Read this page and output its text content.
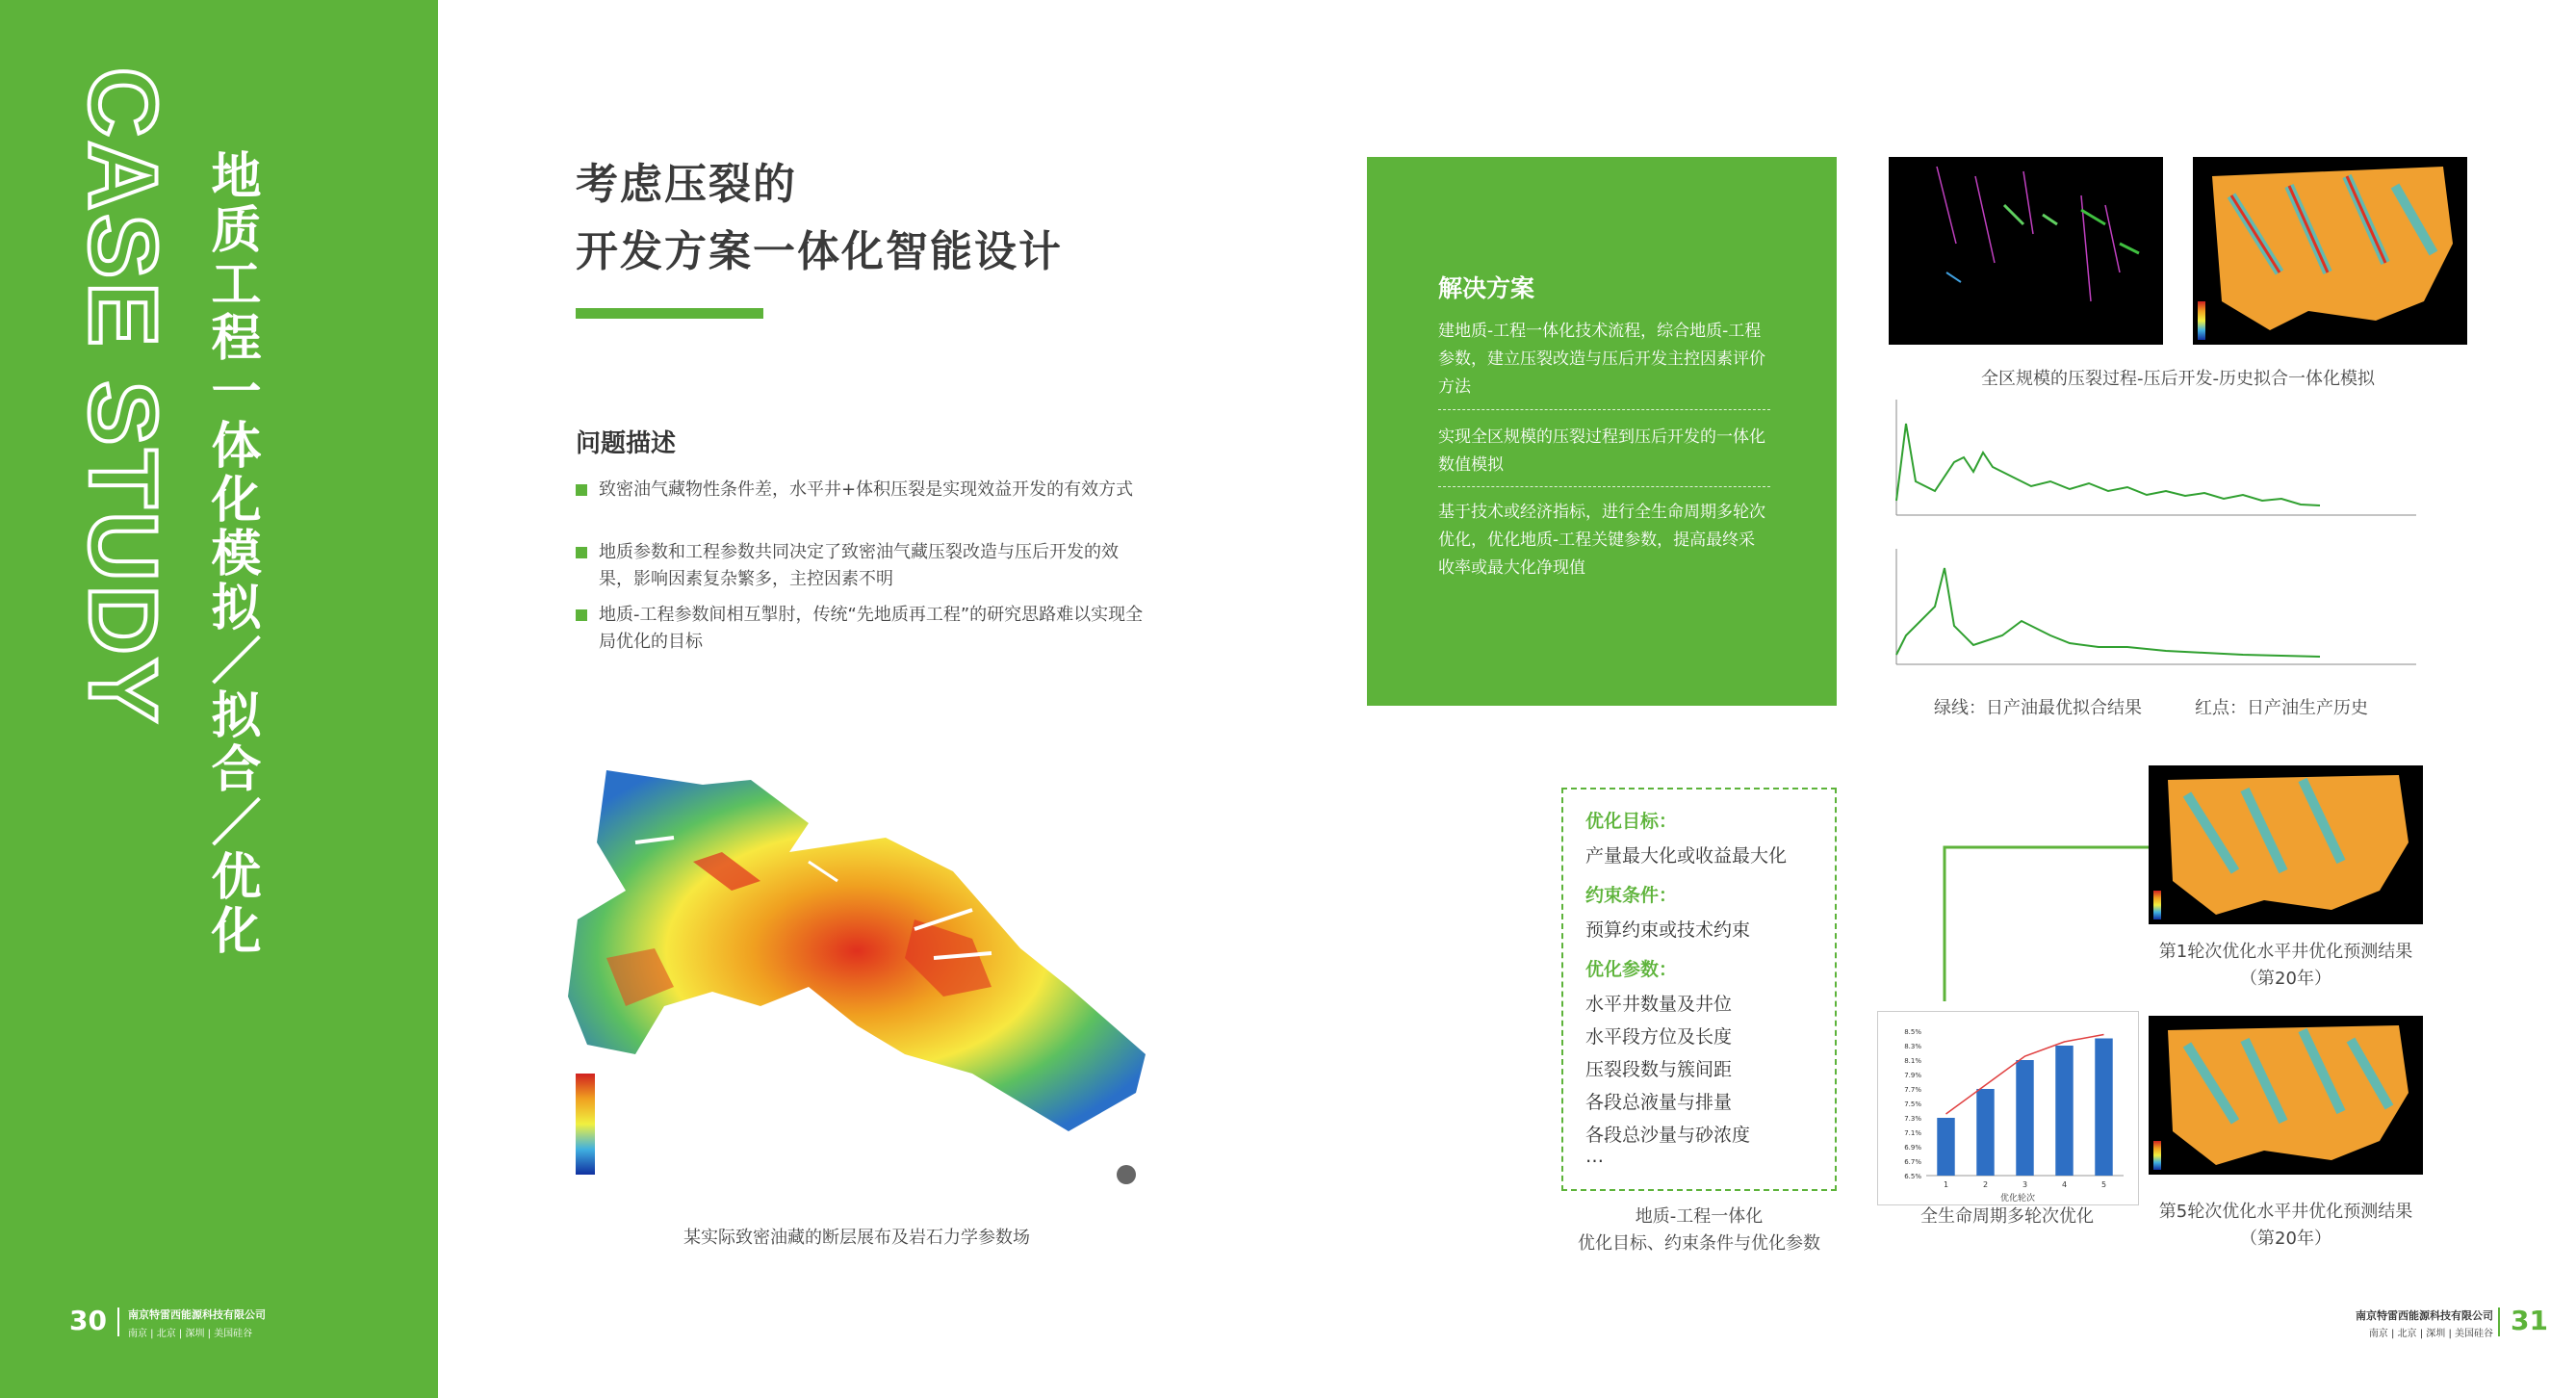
CASE STUDY 地质工程一体化模拟／拟合／优化
30 南京特雷西能源科技有限公司
南京 | 北京 | 深圳 | 美国硅谷
考虑压裂的
开发方案一体化智能设计
问题描述
致密油气藏物性条件差，水平井+体积压裂是实现效益开发的有效方式
地质参数和工程参数共同决定了致密油气藏压裂改造与压后开发的效果，影响因素复杂繁多，主控因素不明
地质-工程参数间相互掣肘，传统“先地质再工程”的研究思路难以实现全局优化的目标
某实际致密油藏的断层展布及岩石力学参数场
解决方案
建地质-工程一体化技术流程，综合地质-工程参数，建立压裂改造与压后开发主控因素评价方法
实现全区规模的压裂过程到压后开发的一体化数值模拟
基于技术或经济指标，进行全生命周期多轮次优化，优化地质-工程关键参数，提高最终采收率或最大化净现值
全区规模的压裂过程-压后开发-历史拟合一体化模拟
绿线：日产油最优拟合结果	红点：日产油生产历史
优化目标：
产量最大化或收益最大化
约束条件：
预算约束或技术约束
优化参数：
水平井数量及井位
水平段方位及长度
压裂段数与簇间距
各段总液量与排量
各段总沙量与砂浓度
…
地质-工程一体化
优化目标、约束条件与优化参数
6.5%
6.7%
6.9%
7.1%
7.3%
7.5%
7.7%
7.9%
8.1%
8.3%
8.5%
1	2	3	4	5
优化轮次
全生命周期多轮次优化
第1轮次优化水平井优化预测结果
（第20年）
第5轮次优化水平井优化预测结果
（第20年）
南京特雷西能源科技有限公司
南京 | 北京 | 深圳 | 美国硅谷 31
